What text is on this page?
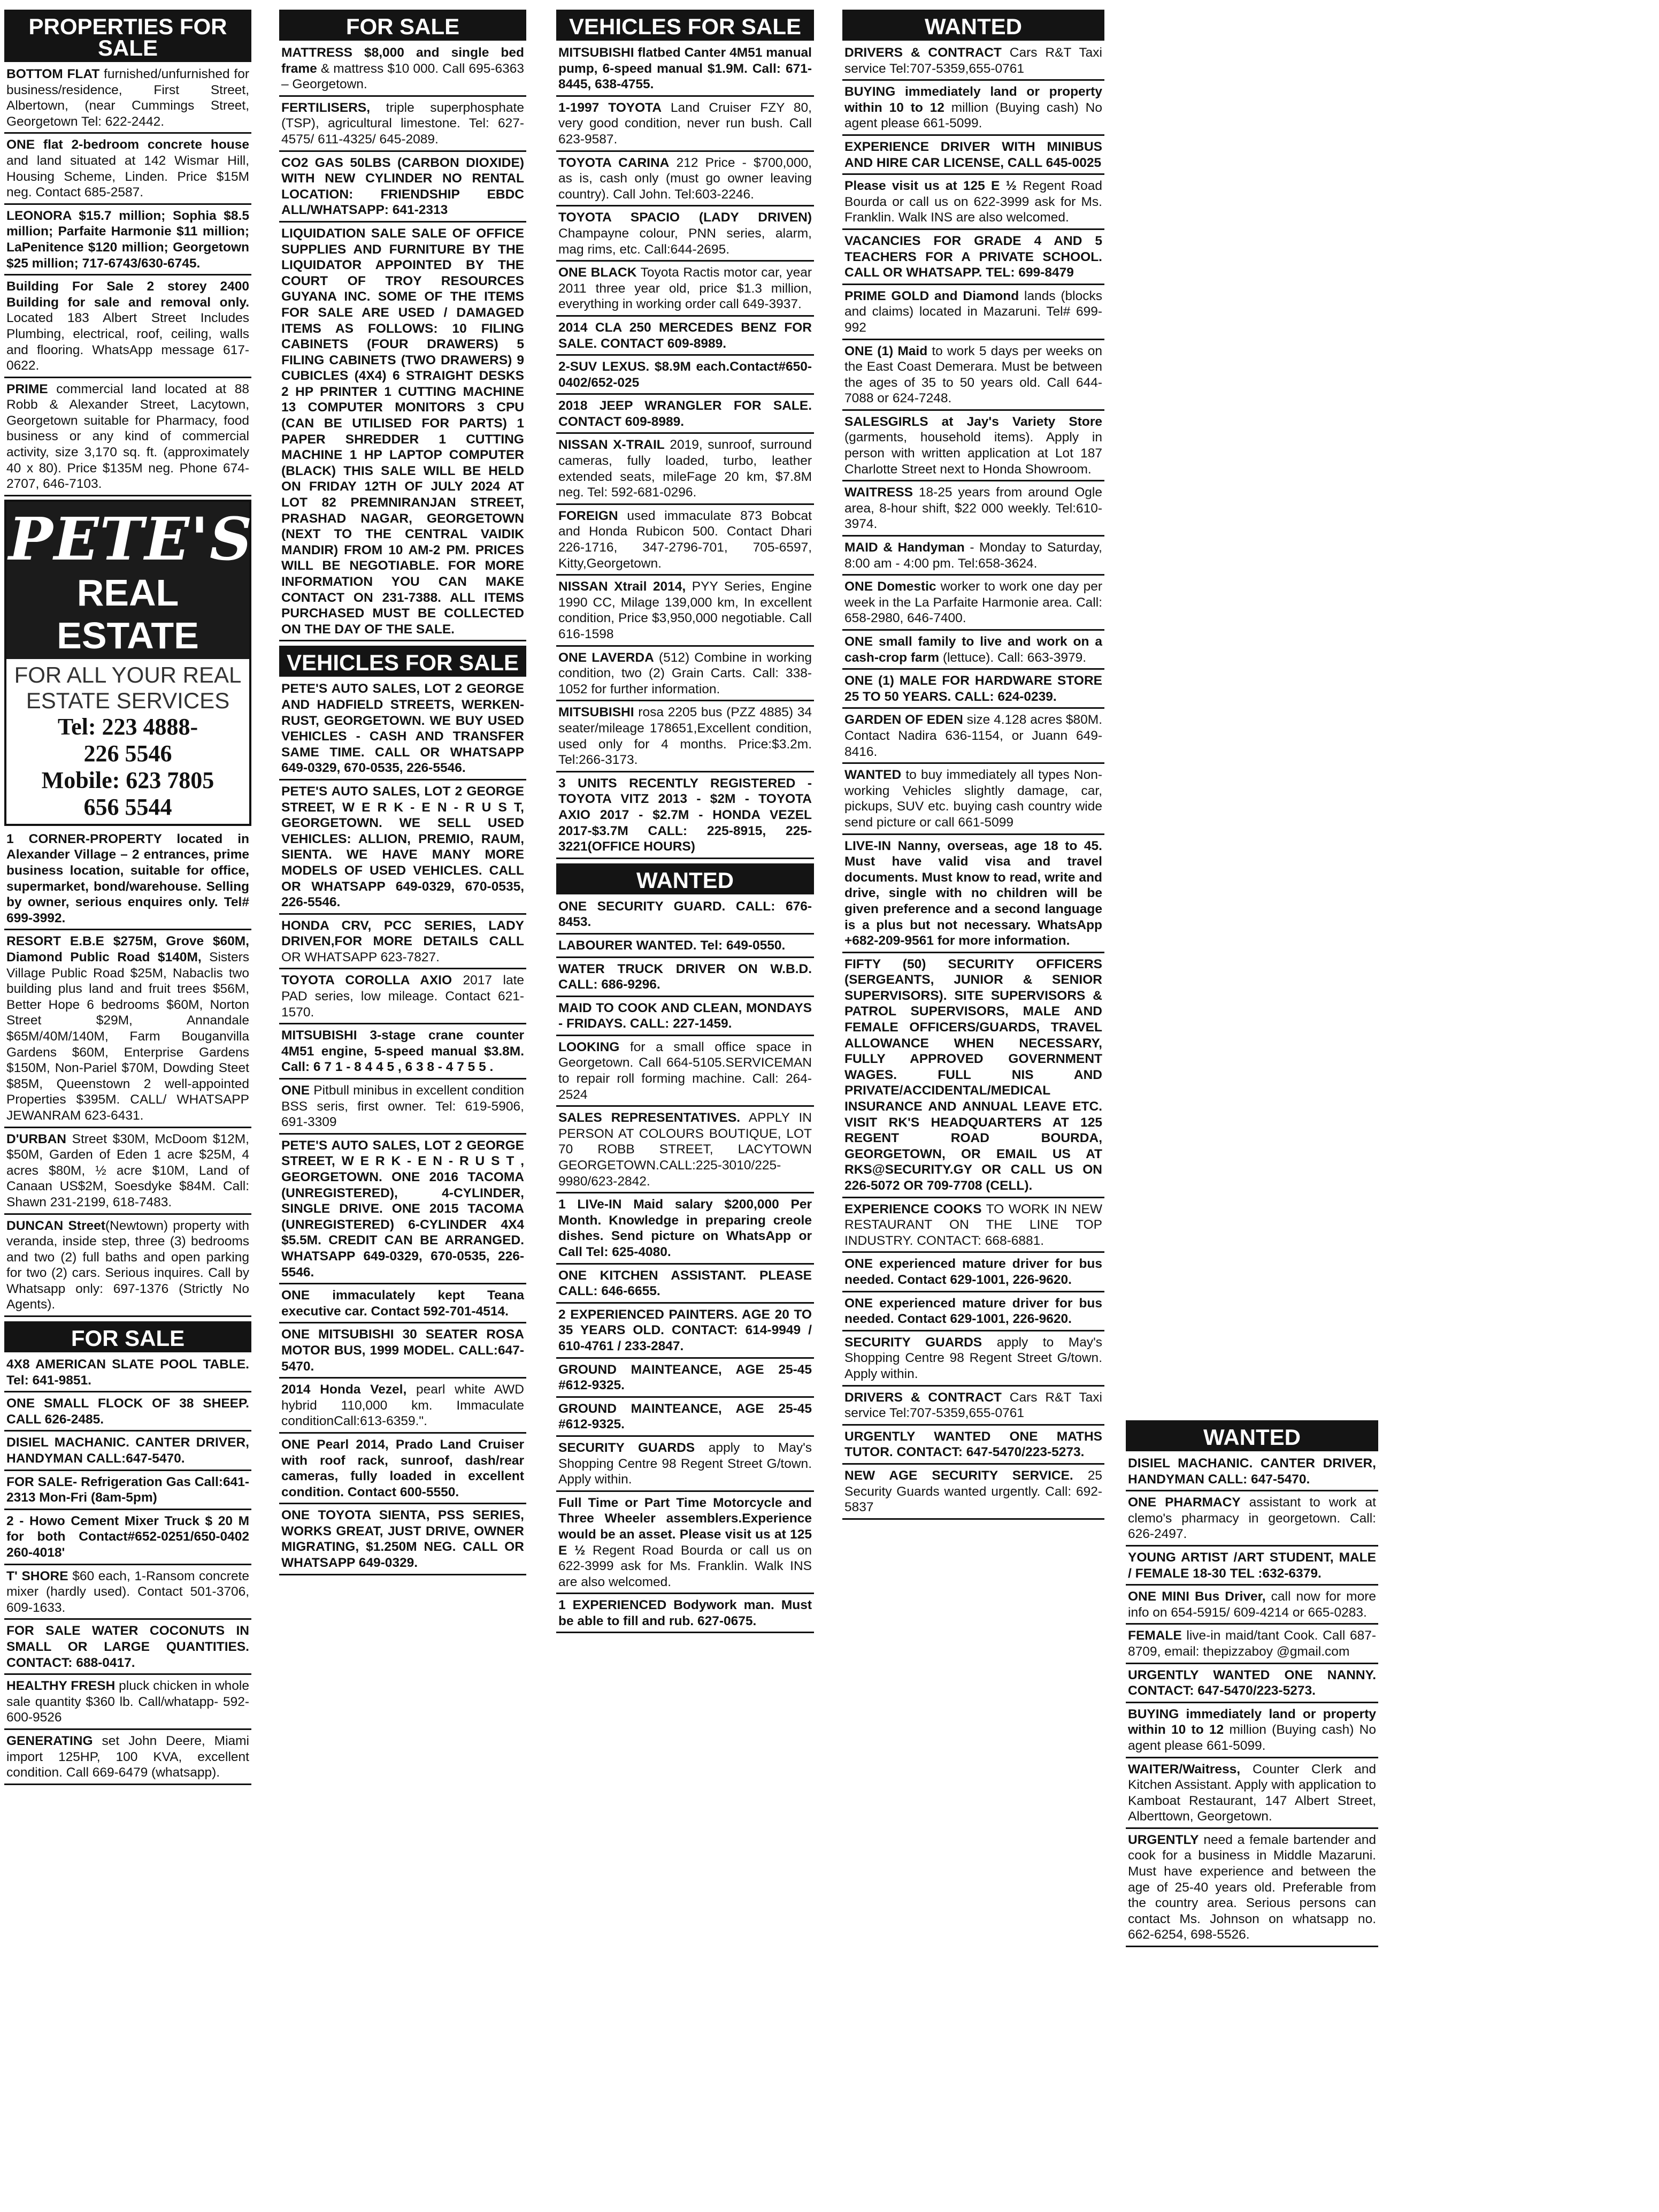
PROPERTIES FOR SALE
BOTTOM FLAT furnished/unfurnished for business/residence, First Street, Albertown, (near Cummings Street, Georgetown Tel: 622-2442.
ONE flat 2-bedroom concrete house and land situated at 142 Wismar Hill, Housing Scheme, Linden. Price $15M neg. Contact 685-2587.
LEONORA $15.7 million; Sophia $8.5 million; Parfaite Harmonie $11 million; LaPenitence $120 million; Georgetown $25 million; 717-6743/630-6745.
Building For Sale 2 storey 2400 Building for sale and removal only. Located 183 Albert Street Includes Plumbing, electrical, roof, ceiling, walls and flooring. WhatsApp message 617-0622.
PRIME commercial land located at 88 Robb & Alexander Street, Lacytown, Georgetown suitable for Pharmacy, food business or any kind of commercial activity, size 3,170 sq. ft. (approximately 40 x 80). Price $135M neg. Phone 674-2707, 646-7103.
PETE'S
REAL ESTATE
FOR ALL YOUR REAL ESTATE SERVICES
Tel: 223 4888-
226 5546
Mobile: 623 7805
656 5544
1 CORNER-PROPERTY located in Alexander Village – 2 entrances, prime business location, suitable for office, supermarket, bond/warehouse. Selling by owner, serious enquires only. Tel# 699-3992.
RESORT E.B.E $275M, Grove $60M, Diamond Public Road $140M, Sisters Village Public Road $25M, Nabaclis two building plus land and fruit trees $56M, Better Hope 6 bedrooms $60M, Norton Street $29M, Annandale $65M/40M/140M, Farm Bouganvilla Gardens $60M, Enterprise Gardens $150M, Non-Pariel $70M, Dowding Steet $85M, Queenstown 2 well-appointed Properties $395M. CALL/ WHATSAPP JEWANRAM 623-6431.
D'URBAN Street $30M, McDoom $12M, $50M, Garden of Eden 1 acre $25M, 4 acres $80M, ½ acre $10M, Land of Canaan US$2M, Soesdyke $84M. Call: Shawn 231-2199, 618-7483.
DUNCAN Street(Newtown) property with veranda, inside step, three (3) bedrooms and two (2) full baths and open parking for two (2) cars. Serious inquires. Call by Whatsapp only: 697-1376 (Strictly No Agents).
FOR SALE
4X8 AMERICAN SLATE POOL TABLE. Tel: 641-9851.
ONE SMALL FLOCK OF 38 SHEEP. CALL 626-2485.
DISIEL MACHANIC. CANTER DRIVER, HANDYMAN CALL:647-5470.
FOR SALE- Refrigeration Gas Call:641-2313 Mon-Fri (8am-5pm)
2 - Howo Cement Mixer Truck $ 20 M for both Contact#652-0251/650-0402 260-4018'
T' SHORE $60 each, 1-Ransom concrete mixer (hardly used). Contact 501-3706, 609-1633.
FOR SALE WATER COCONUTS IN SMALL OR LARGE QUANTITIES. CONTACT: 688-0417.
HEALTHY FRESH pluck chicken in whole sale quantity $360 lb. Call/whatapp- 592-600-9526
GENERATING set John Deere, Miami import 125HP, 100 KVA, excellent condition. Call 669-6479 (whatsapp).
FOR SALE
MATTRESS $8,000 and single bed frame & mattress $10 000. Call 695-6363 – Georgetown.
FERTILISERS, triple superphosphate (TSP), agricultural limestone. Tel: 627-4575/ 611-4325/ 645-2089.
CO2 GAS 50LBS (CARBON DIOXIDE) WITH NEW CYLINDER NO RENTAL LOCATION: FRIENDSHIP EBDC ALL/WHATSAPP: 641-2313
LIQUIDATION SALE SALE OF OFFICE SUPPLIES AND FURNITURE BY THE LIQUIDATOR APPOINTED BY THE COURT OF TROY RESOURCES GUYANA INC. SOME OF THE ITEMS FOR SALE ARE USED / DAMAGED ITEMS AS FOLLOWS: 10 FILING CABINETS (FOUR DRAWERS) 5 FILING CABINETS (TWO DRAWERS) 9 CUBICLES (4X4) 6 STRAIGHT DESKS 2 HP PRINTER 1 CUTTING MACHINE 13 COMPUTER MONITORS 3 CPU (CAN BE UTILISED FOR PARTS) 1 PAPER SHREDDER 1 CUTTING MACHINE 1 HP LAPTOP COMPUTER (BLACK) THIS SALE WILL BE HELD ON FRIDAY 12TH OF JULY 2024 AT LOT 82 PREMNIRANJAN STREET, PRASHAD NAGAR, GEORGETOWN (NEXT TO THE CENTRAL VAIDIK MANDIR) FROM 10 AM-2 PM. PRICES WILL BE NEGOTIABLE. FOR MORE INFORMATION YOU CAN MAKE CONTACT ON 231-7388. ALL ITEMS PURCHASED MUST BE COLLECTED ON THE DAY OF THE SALE.
VEHICLES FOR SALE
PETE'S AUTO SALES, LOT 2 GEORGE AND HADFIELD STREETS, WERKEN-RUST, GEORGETOWN. WE BUY USED VEHICLES - CASH AND TRANSFER SAME TIME. CALL OR WHATSAPP 649-0329, 670-0535, 226-5546.
PETE'S AUTO SALES, LOT 2 GEORGE STREET, W E R K - E N - R U S T, GEORGETOWN. WE SELL USED VEHICLES: ALLION, PREMIO, RAUM, SIENTA. WE HAVE MANY MORE MODELS OF USED VEHICLES. CALL OR WHATSAPP 649-0329, 670-0535, 226-5546.
HONDA CRV, PCC SERIES, LADY DRIVEN,FOR MORE DETAILS CALL OR WHATSAPP 623-7827.
TOYOTA COROLLA AXIO 2017 late PAD series, low mileage. Contact 621-1570.
MITSUBISHI 3-stage crane counter 4M51 engine, 5-speed manual $3.8M. Call: 6 7 1 - 8 4 4 5 , 6 3 8 - 4 7 5 5 .
ONE Pitbull minibus in excellent condition BSS seris, first owner. Tel: 619-5906, 691-3309
PETE'S AUTO SALES, LOT 2 GEORGE STREET, W E R K - E N - R U S T , GEORGETOWN. ONE 2016 TACOMA (UNREGISTERED), 4-CYLINDER, SINGLE DRIVE. ONE 2015 TACOMA (UNREGISTERED) 6-CYLINDER 4X4 $5.5M. CREDIT CAN BE ARRANGED. WHATSAPP 649-0329, 670-0535, 226-5546.
ONE immaculately kept Teana executive car. Contact 592-701-4514.
ONE MITSUBISHI 30 SEATER ROSA MOTOR BUS, 1999 MODEL. CALL:647-5470.
2014 Honda Vezel, pearl white AWD hybrid 110,000 km. Immaculate conditionCall:613-6359.".
ONE Pearl 2014, Prado Land Cruiser with roof rack, sunroof, dash/rear cameras, fully loaded in excellent condition. Contact 600-5550.
ONE TOYOTA SIENTA, PSS SERIES, WORKS GREAT, JUST DRIVE, OWNER MIGRATING, $1.250M NEG. CALL OR WHATSAPP 649-0329.
VEHICLES FOR SALE
MITSUBISHI flatbed Canter 4M51 manual pump, 6-speed manual $1.9M. Call: 671-8445, 638-4755.
1-1997 TOYOTA Land Cruiser FZY 80, very good condition, never run bush. Call 623-9587.
TOYOTA CARINA 212 Price - $700,000, as is, cash only (must go owner leaving country). Call John. Tel:603-2246.
TOYOTA SPACIO (LADY DRIVEN) Champayne colour, PNN series, alarm, mag rims, etc. Call:644-2695.
ONE BLACK Toyota Ractis motor car, year 2011 three year old, price $1.3 million, everything in working order call 649-3937.
2014 CLA 250 MERCEDES BENZ FOR SALE. CONTACT 609-8989.
2-SUV LEXUS. $8.9M each.Contact#650-0402/652-025
2018 JEEP WRANGLER FOR SALE. CONTACT 609-8989.
NISSAN X-TRAIL 2019, sunroof, surround cameras, fully loaded, turbo, leather extended seats, mileFage 20 km, $7.8M neg. Tel: 592-681-0296.
FOREIGN used immaculate 873 Bobcat and Honda Rubicon 500. Contact Dhari 226-1716, 347-2796-701, 705-6597, Kitty,Georgetown.
NISSAN Xtrail 2014, PYY Series, Engine 1990 CC, Milage 139,000 km, In excellent condition, Price $3,950,000 negotiable. Call 616-1598
ONE LAVERDA (512) Combine in working condition, two (2) Grain Carts. Call: 338-1052 for further information.
MITSUBISHI rosa 2205 bus (PZZ 4885) 34 seater/mileage 178651,Excellent condition, used only for 4 months. Price:$3.2m. Tel:266-3173.
3 UNITS RECENTLY REGISTERED - TOYOTA VITZ 2013 - $2M - TOYOTA AXIO 2017 - $2.7M - HONDA VEZEL 2017-$3.7M CALL: 225-8915, 225-3221(OFFICE HOURS)
WANTED
ONE SECURITY GUARD. CALL: 676-8453.
LABOURER WANTED. Tel: 649-0550.
WATER TRUCK DRIVER ON W.B.D. CALL: 686-9296.
MAID TO COOK AND CLEAN, MONDAYS - FRIDAYS. CALL: 227-1459.
LOOKING for a small office space in Georgetown. Call 664-5105.SERVICEMAN to repair roll forming machine. Call: 264-2524
SALES REPRESENTATIVES. APPLY IN PERSON AT COLOURS BOUTIQUE, LOT 70 ROBB STREET, LACYTOWN GEORGETOWN.CALL:225-3010/225-9980/623-2842.
1 LIVe-IN Maid salary $200,000 Per Month. Knowledge in preparing creole dishes. Send picture on WhatsApp or Call Tel: 625-4080.
ONE KITCHEN ASSISTANT. PLEASE CALL: 646-6655.
2 EXPERIENCED PAINTERS. AGE 20 TO 35 YEARS OLD. CONTACT: 614-9949 / 610-4761 / 233-2847.
GROUND MAINTEANCE, AGE 25-45 #612-9325.
GROUND MAINTEANCE, AGE 25-45 #612-9325.
SECURITY GUARDS apply to May's Shopping Centre 98 Regent Street G/town. Apply within.
Full Time or Part Time Motorcycle and Three Wheeler assemblers.Experience would be an asset. Please visit us at 125 E ½ Regent Road Bourda or call us on 622-3999 ask for Ms. Franklin. Walk INS are also welcomed.
1 EXPERIENCED Bodywork man. Must be able to fill and rub. 627-0675.
WANTED
DRIVERS & CONTRACT Cars R&T Taxi service Tel:707-5359,655-0761
BUYING immediately land or property within 10 to 12 million (Buying cash) No agent please 661-5099.
EXPERIENCE DRIVER WITH MINIBUS AND HIRE CAR LICENSE, CALL 645-0025
Please visit us at 125 E ½ Regent Road Bourda or call us on 622-3999 ask for Ms. Franklin. Walk INS are also welcomed.
VACANCIES FOR GRADE 4 AND 5 TEACHERS FOR A PRIVATE SCHOOL. CALL OR WHATSAPP. TEL: 699-8479
PRIME GOLD and Diamond lands (blocks and claims) located in Mazaruni. Tel# 699-992
ONE (1) Maid to work 5 days per weeks on the East Coast Demerara. Must be between the ages of 35 to 50 years old. Call 644-7088 or 624-7248.
SALESGIRLS at Jay's Variety Store (garments, household items). Apply in person with written application at Lot 187 Charlotte Street next to Honda Showroom.
WAITRESS 18-25 years from around Ogle area, 8-hour shift, $22 000 weekly. Tel:610-3974.
MAID & Handyman - Monday to Saturday, 8:00 am - 4:00 pm. Tel:658-3624.
ONE Domestic worker to work one day per week in the La Parfaite Harmonie area. Call: 658-2980, 646-7400.
ONE small family to live and work on a cash-crop farm (lettuce). Call: 663-3979.
ONE (1) MALE FOR HARDWARE STORE 25 TO 50 YEARS. CALL: 624-0239.
GARDEN OF EDEN size 4.128 acres $80M. Contact Nadira 636-1154, or Juann 649-8416.
WANTED to buy immediately all types Non-working Vehicles slightly damage, car, pickups, SUV etc. buying cash country wide send picture or call 661-5099
LIVE-IN Nanny, overseas, age 18 to 45. Must have valid visa and travel documents. Must know to read, write and drive, single with no children will be given preference and a second language is a plus but not necessary. WhatsApp +682-209-9561 for more information.
FIFTY (50) SECURITY OFFICERS (SERGEANTS, JUNIOR & SENIOR SUPERVISORS). SITE SUPERVISORS & PATROL SUPERVISORS, MALE AND FEMALE OFFICERS/GUARDS, TRAVEL ALLOWANCE WHEN NECESSARY, FULLY APPROVED GOVERNMENT WAGES. FULL NIS AND PRIVATE/ACCIDENTAL/MEDICAL INSURANCE AND ANNUAL LEAVE ETC. VISIT RK'S HEADQUARTERS AT 125 REGENT ROAD BOURDA, GEORGETOWN, OR EMAIL US AT RKS@SECURITY.GY OR CALL US ON 226-5072 OR 709-7708 (CELL).
EXPERIENCE COOKS TO WORK IN NEW RESTAURANT ON THE LINE TOP INDUSTRY. CONTACT: 668-6881.
ONE experienced mature driver for bus needed. Contact 629-1001, 226-9620.
ONE experienced mature driver for bus needed. Contact 629-1001, 226-9620.
SECURITY GUARDS apply to May's Shopping Centre 98 Regent Street G/town. Apply within.
DRIVERS & CONTRACT Cars R&T Taxi service Tel:707-5359,655-0761
URGENTLY WANTED ONE MATHS TUTOR. CONTACT: 647-5470/223-5273.
NEW AGE SECURITY SERVICE. 25 Security Guards wanted urgently. Call: 692-5837
WANTED
DISIEL MACHANIC. CANTER DRIVER, HANDYMAN CALL: 647-5470.
ONE PHARMACY assistant to work at clemo's pharmacy in georgetown. Call: 626-2497.
YOUNG ARTIST /ART STUDENT, MALE / FEMALE 18-30 TEL :632-6379.
ONE MINI Bus Driver, call now for more info on 654-5915/ 609-4214 or 665-0283.
FEMALE live-in maid/tant Cook. Call 687-8709, email: thepizzaboy @gmail.com
URGENTLY WANTED ONE NANNY. CONTACT: 647-5470/223-5273.
BUYING immediately land or property within 10 to 12 million (Buying cash) No agent please 661-5099.
WAITER/Waitress, Counter Clerk and Kitchen Assistant. Apply with application to Kamboat Restaurant, 147 Albert Street, Alberttown, Georgetown.
URGENTLY need a female bartender and cook for a business in Middle Mazaruni. Must have experience and between the age of 25-40 years old. Preferable from the country area. Serious persons can contact Ms. Johnson on whatsapp no. 662-6254, 698-5526.
